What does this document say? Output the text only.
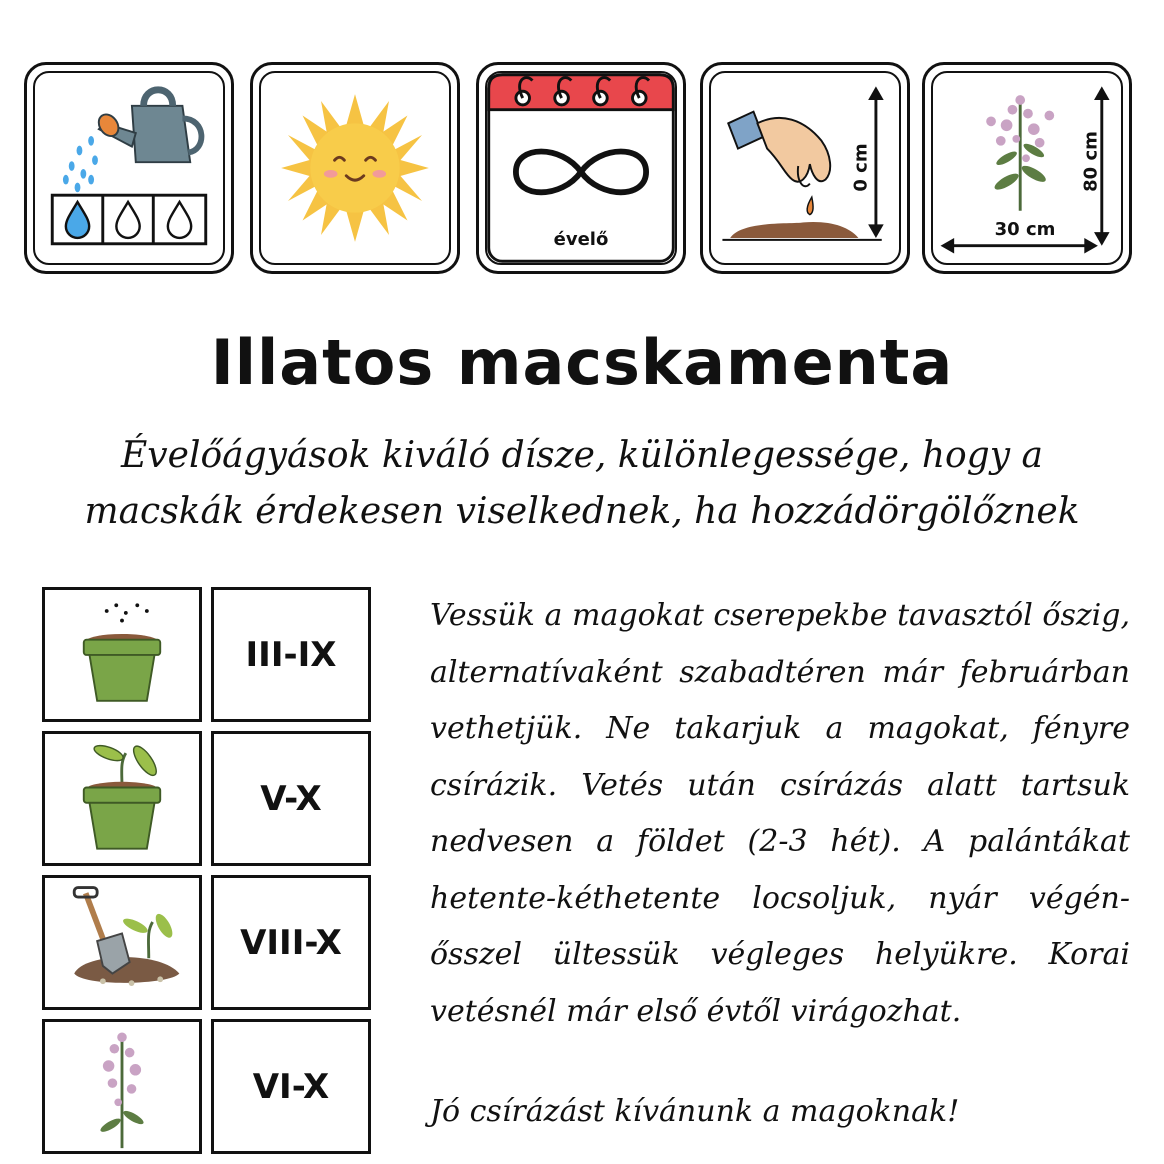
évelő
0 cm	80 cm
30 cm
Illatos macskamenta
Évelőágyások kiváló dísze, különlegessége, hogy a macskák érdekesen viselkednek, ha hozzádörgölőznek
III-IX
V-X
VIII-X
VI-X

Vessük a magokat cserepekbe tavasztól őszig, alternatívaként szabadtéren már februárban vethetjük. Ne takarjuk a magokat, fényre csírázik. Vetés után csírázás alatt tartsuk nedvesen a földet (2-3 hét). A palántákat hetente-kéthetente locsoljuk, nyár végén-ősszel ültessük végleges helyükre. Korai vetésnél már első évtől virágozhat.

Jó csírázást kívánunk a magoknak!
